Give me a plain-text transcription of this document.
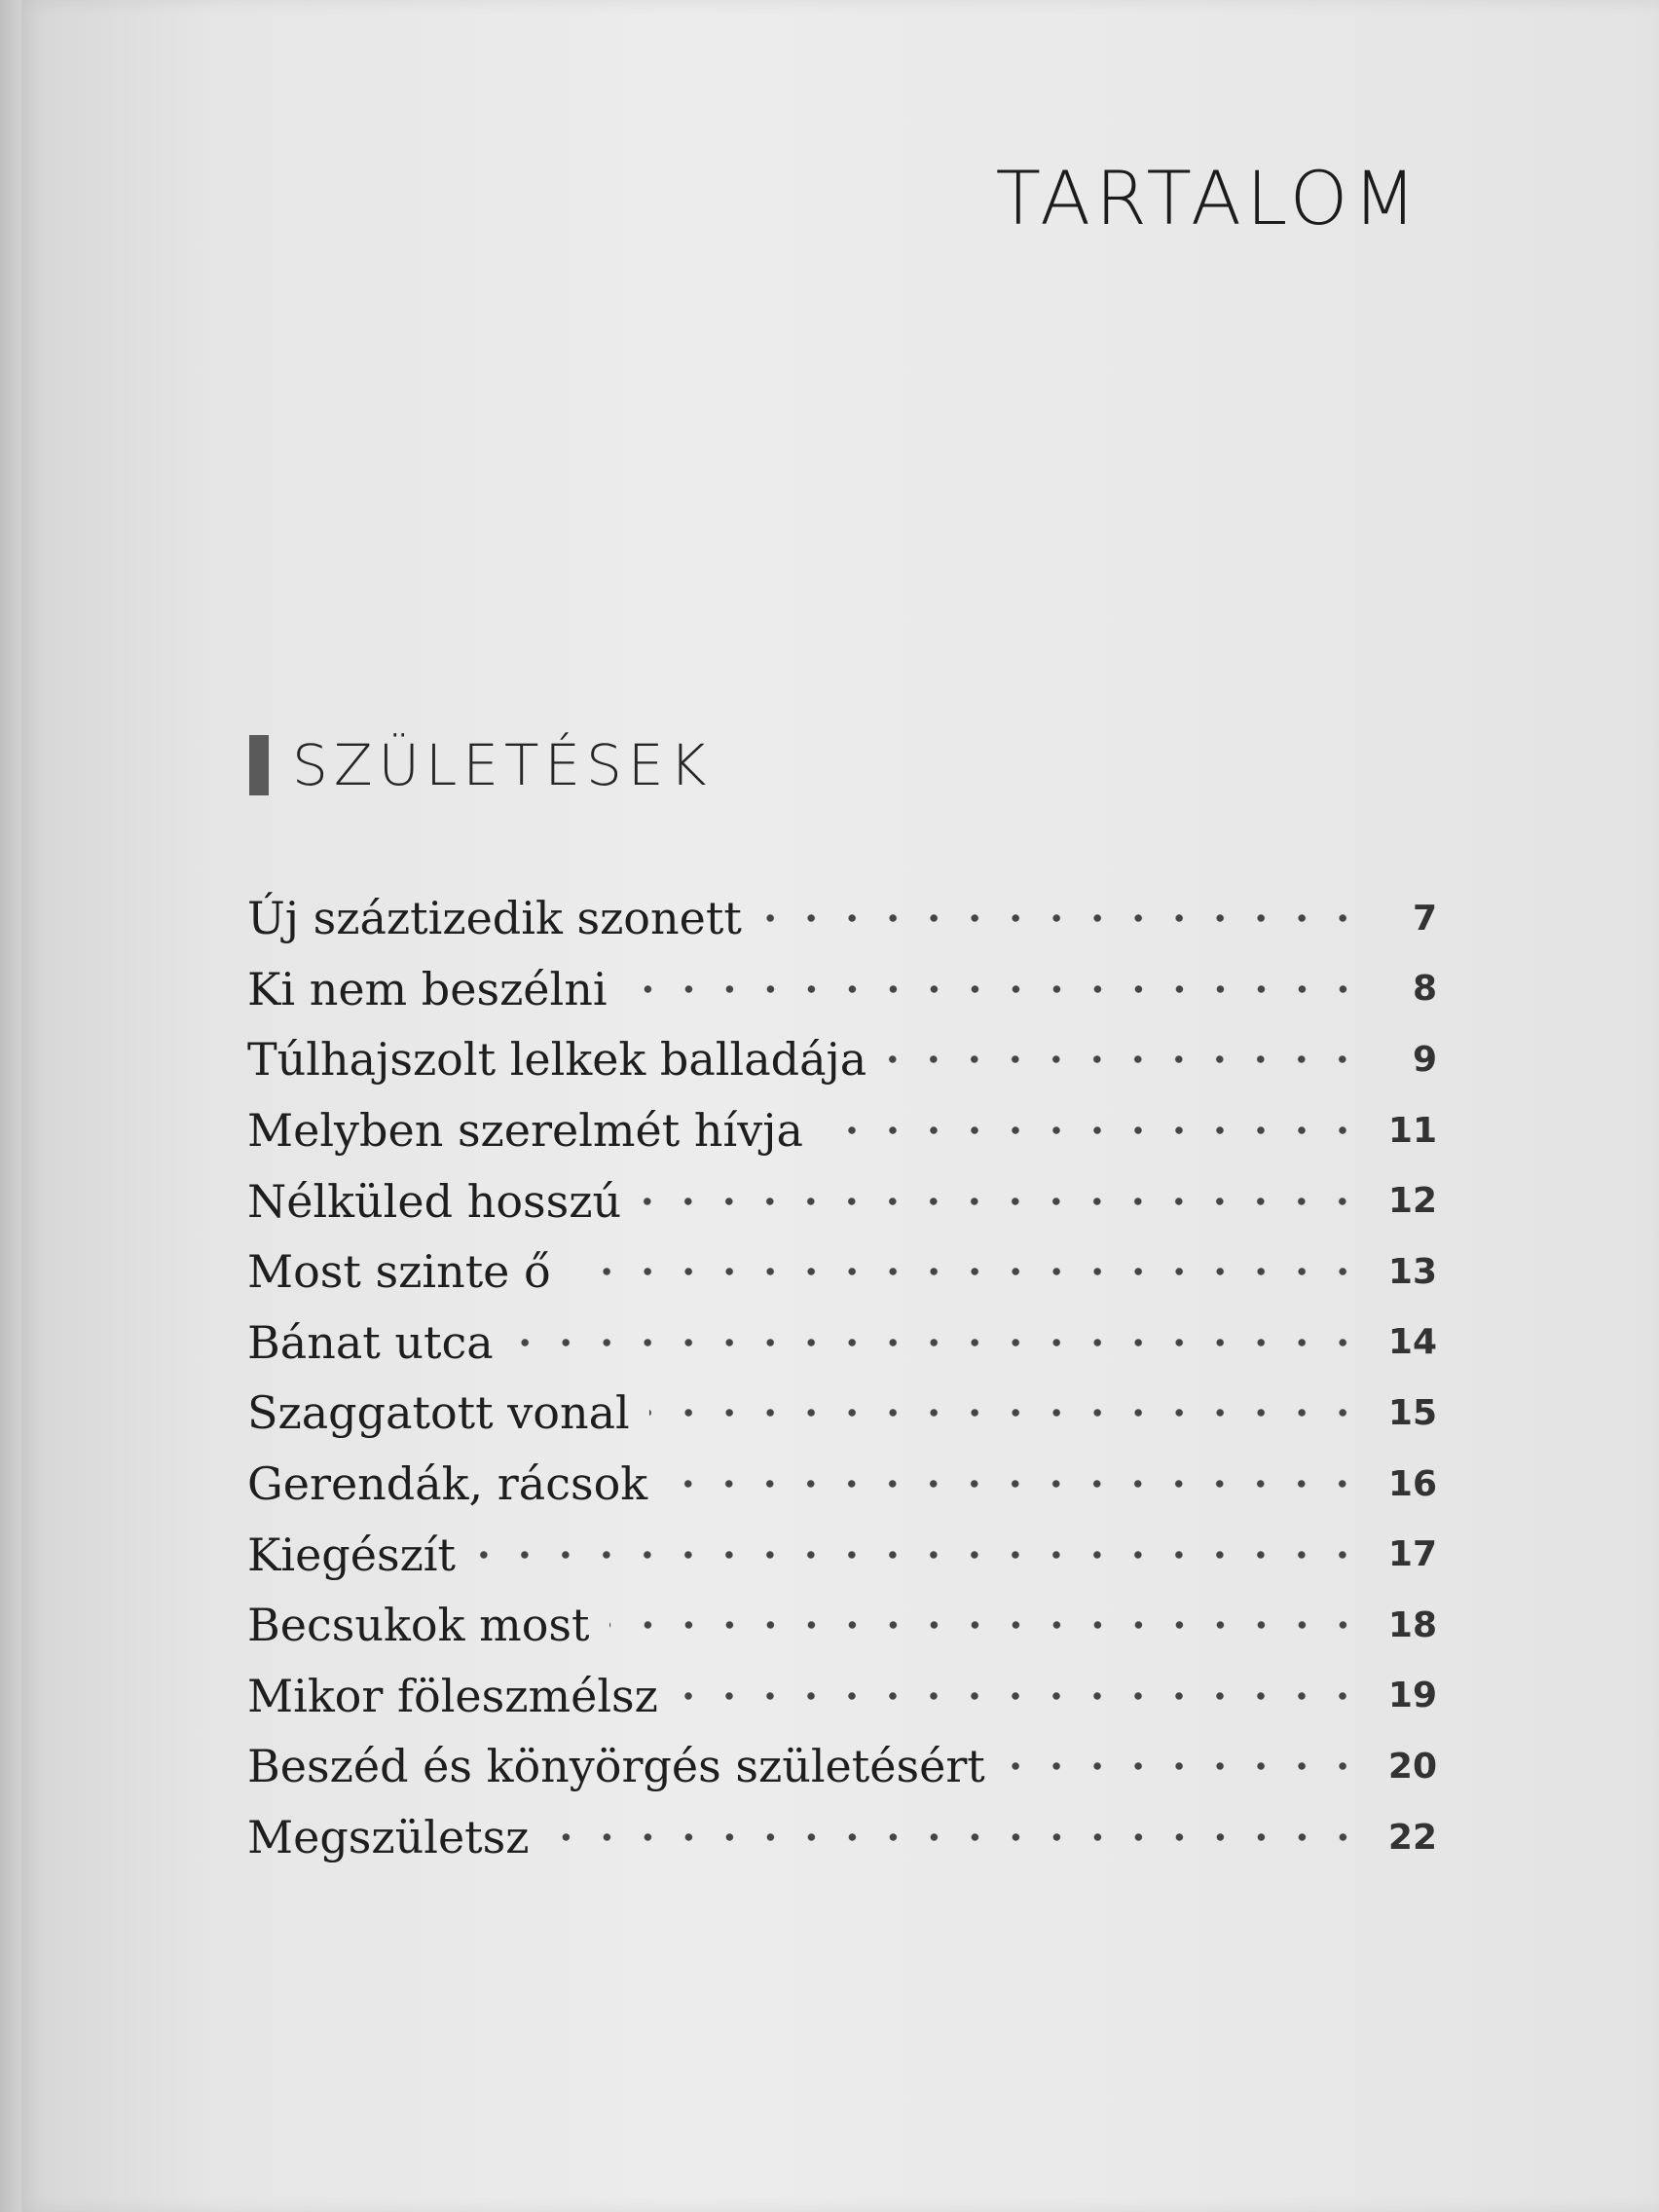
TARTALOM
SZÜLETÉSEK
Új száztizedik szonett	7
Ki nem beszélni	8
Túlhajszolt lelkek balladája	9
Melyben szerelmét hívja	11
Nélküled hosszú	12
Most szinte ő	13
Bánat utca	14
Szaggatott vonal	15
Gerendák, rácsok	16
Kiegészít	17
Becsukok most	18
Mikor föleszmélsz	19
Beszéd és könyörgés születésért	20
Megszületsz	22
